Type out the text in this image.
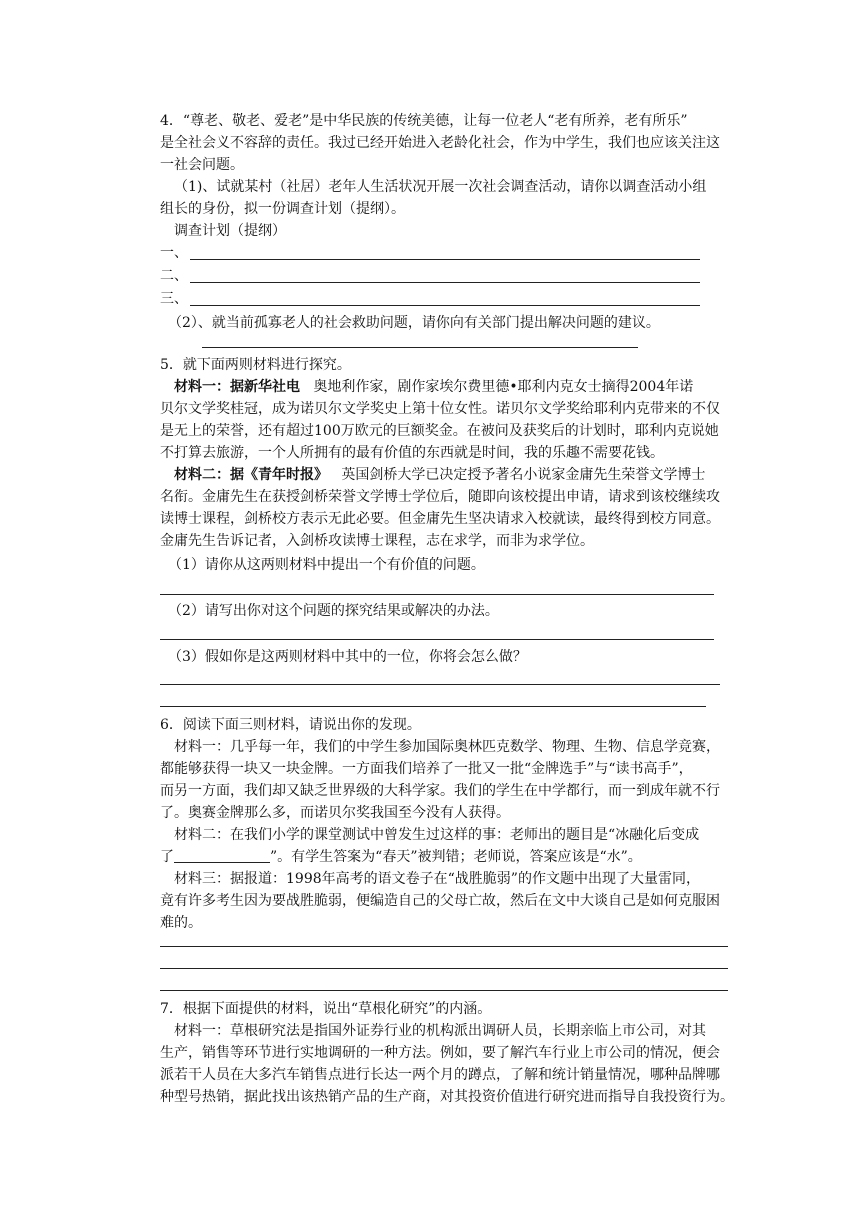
4．“尊老、敬老、爱老”是中华民族的传统美德，让每一位老人“老有所养，老有所乐”
是全社会义不容辞的责任。我过已经开始进入老龄化社会，作为中学生，我们也应该关注这
一社会问题。
（1)、试就某村（社居）老年人生活状况开展一次社会调查活动，请你以调查活动小组
组长的身份，拟一份调查计划（提纲）。
调查计划（提纲）
一、
二、
三、
（2）、就当前孤寡老人的社会救助问题，请你向有关部门提出解决问题的建议。
5．就下面两则材料进行探究。
材料一：据新华社电 奥地利作家，剧作家埃尔费里德•耶利内克女士摘得2004年诺
贝尔文学奖桂冠，成为诺贝尔文学奖史上第十位女性。诺贝尔文学奖给耶利内克带来的不仅
是无上的荣誉，还有超过100万欧元的巨额奖金。在被问及获奖后的计划时，耶利内克说她
不打算去旅游，一个人所拥有的最有价值的东西就是时间，我的乐趣不需要花钱。
材料二：据《青年时报》 英国剑桥大学已决定授予著名小说家金庸先生荣誉文学博士
名衔。金庸先生在获授剑桥荣誉文学博士学位后，随即向该校提出申请，请求到该校继续攻
读博士课程，剑桥校方表示无此必要。但金庸先生坚决请求入校就读，最终得到校方同意。
金庸先生告诉记者，入剑桥攻读博士课程，志在求学，而非为求学位。
（1）请你从这两则材料中提出一个有价值的问题。
（2）请写出你对这个问题的探究结果或解决的办法。
（3）假如你是这两则材料中其中的一位，你将会怎么做？
6．阅读下面三则材料，请说出你的发现。
材料一：几乎每一年，我们的中学生参加国际奥林匹克数学、物理、生物、信息学竞赛，
都能够获得一块又一块金牌。一方面我们培养了一批又一批“金牌选手”与“读书高手”，
而另一方面，我们却又缺乏世界级的大科学家。我们的学生在中学都行，而一到成年就不行
了。奥赛金牌那么多，而诺贝尔奖我国至今没有人获得。
材料二：在我们小学的课堂测试中曾发生过这样的事：老师出的题目是“冰融化后变成
了	”。有学生答案为“春天”被判错；老师说，答案应该是“水”。
材料三：据报道：1998年高考的语文卷子在“战胜脆弱”的作文题中出现了大量雷同，
竟有许多考生因为要战胜脆弱，便编造自己的父母亡故，然后在文中大谈自己是如何克服困
难的。
7．根据下面提供的材料，说出“草根化研究”的内涵。
材料一：草根研究法是指国外证券行业的机构派出调研人员，长期亲临上市公司，对其
生产，销售等环节进行实地调研的一种方法。例如，要了解汽车行业上市公司的情况，便会
派若干人员在大多汽车销售点进行长达一两个月的蹲点，了解和统计销量情况，哪种品牌哪
种型号热销，据此找出该热销产品的生产商，对其投资价值进行研究进而指导自我投资行为。
